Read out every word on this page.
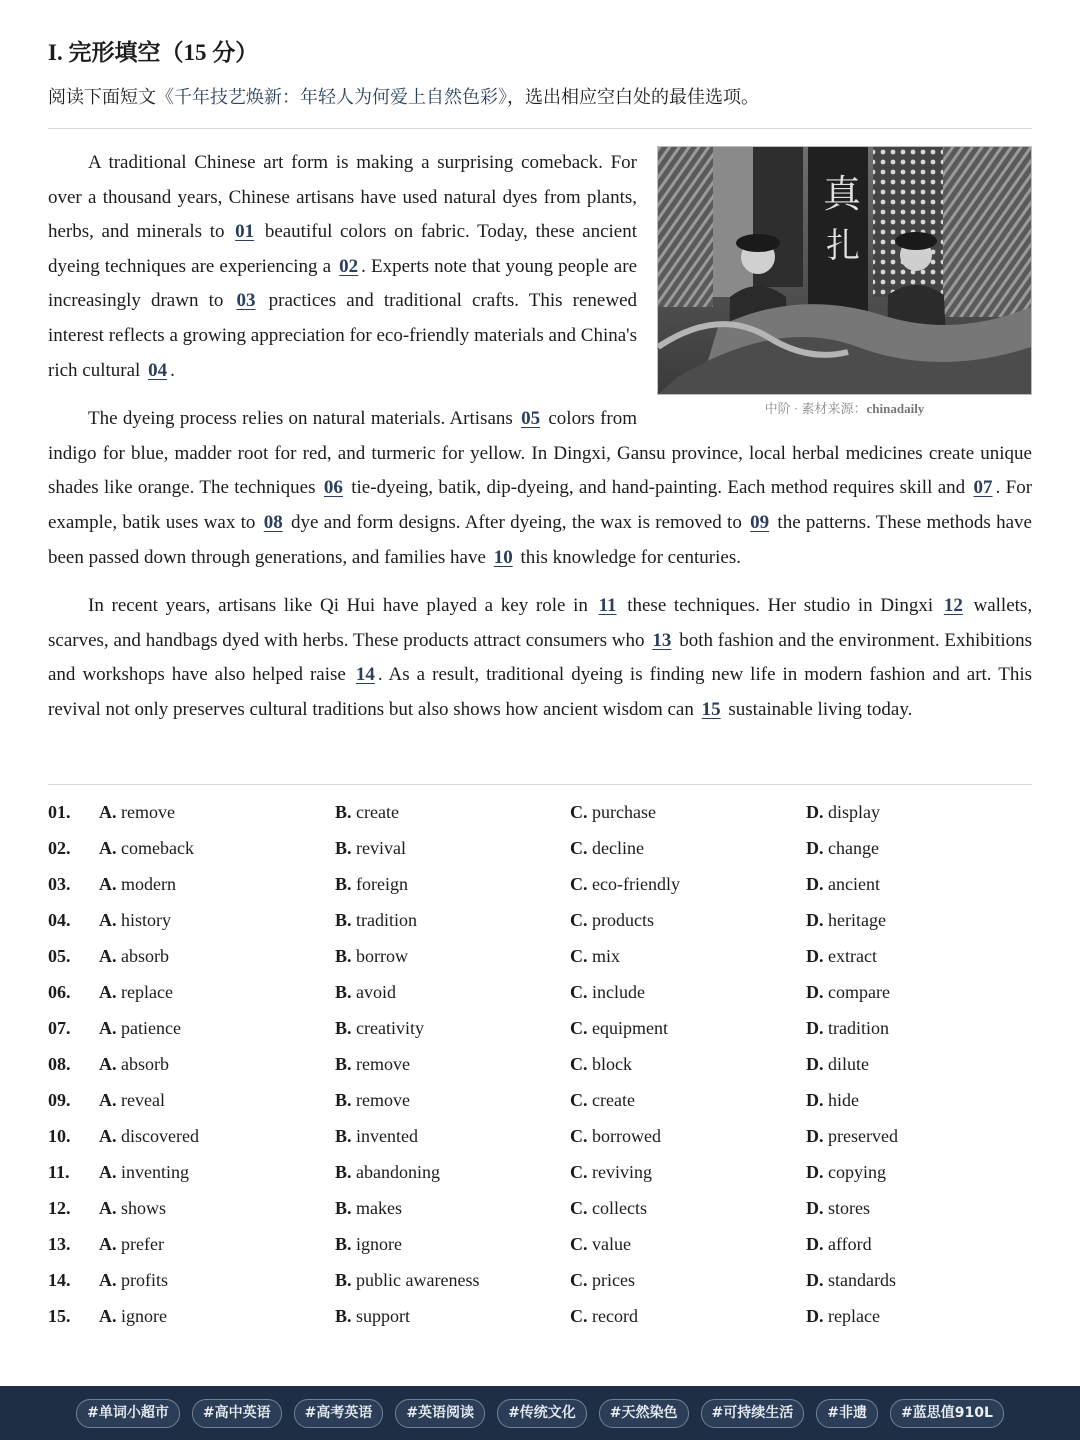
I. 完形填空（15 分）

阅读下面短文《千年技艺焕新：年轻人为何爱上自然色彩》，选出相应空白处的最佳选项。

真
扎
中阶 · 素材来源：chinadaily

A traditional Chinese art form is making a surprising comeback. For over a thousand years, Chinese artisans have used natural dyes from plants, herbs, and minerals to 01 beautiful colors on fabric. Today, these ancient dyeing techniques are experiencing a 02 . Experts note that young people are increasingly drawn to 03 practices and traditional crafts. This renewed interest reflects a growing appreciation for eco-friendly materials and China's rich cultural 04 .

The dyeing process relies on natural materials. Artisans 05 colors from indigo for blue, madder root for red, and turmeric for yellow. In Dingxi, Gansu province, local herbal medicines create unique shades like orange. The techniques 06 tie-dyeing, batik, dip-dyeing, and hand-painting. Each method requires skill and 07 . For example, batik uses wax to 08 dye and form designs. After dyeing, the wax is removed to 09 the patterns. These methods have been passed down through generations, and families have 10 this knowledge for centuries.

In recent years, artisans like Qi Hui have played a key role in 11 these techniques. Her studio in Dingxi 12 wallets, scarves, and handbags dyed with herbs. These products attract consumers who 13 both fashion and the environment. Exhibitions and workshops have also helped raise 14 . As a result, traditional dyeing is finding new life in modern fashion and art. This revival not only preserves cultural traditions but also shows how ancient wisdom can 15 sustainable living today.

01. A. remove	B. create	C. purchase	D. display
02. A. comeback	B. revival	C. decline	D. change
03. A. modern	B. foreign	C. eco-friendly	D. ancient
04. A. history	B. tradition	C. products	D. heritage
05. A. absorb	B. borrow	C. mix	D. extract
06. A. replace	B. avoid	C. include	D. compare
07. A. patience	B. creativity	C. equipment	D. tradition
08. A. absorb	B. remove	C. block	D. dilute
09. A. reveal	B. remove	C. create	D. hide
10. A. discovered	B. invented	C. borrowed	D. preserved
11. A. inventing	B. abandoning	C. reviving	D. copying
12. A. shows	B. makes	C. collects	D. stores
13. A. prefer	B. ignore	C. value	D. afford
14. A. profits	B. public awareness	C. prices	D. standards
15. A. ignore	B. support	C. record	D. replace
#单词小超市	#高中英语	#高考英语	#英语阅读	#传统文化	#天然染色	#可持续生活	#非遗	#蓝思值910L
